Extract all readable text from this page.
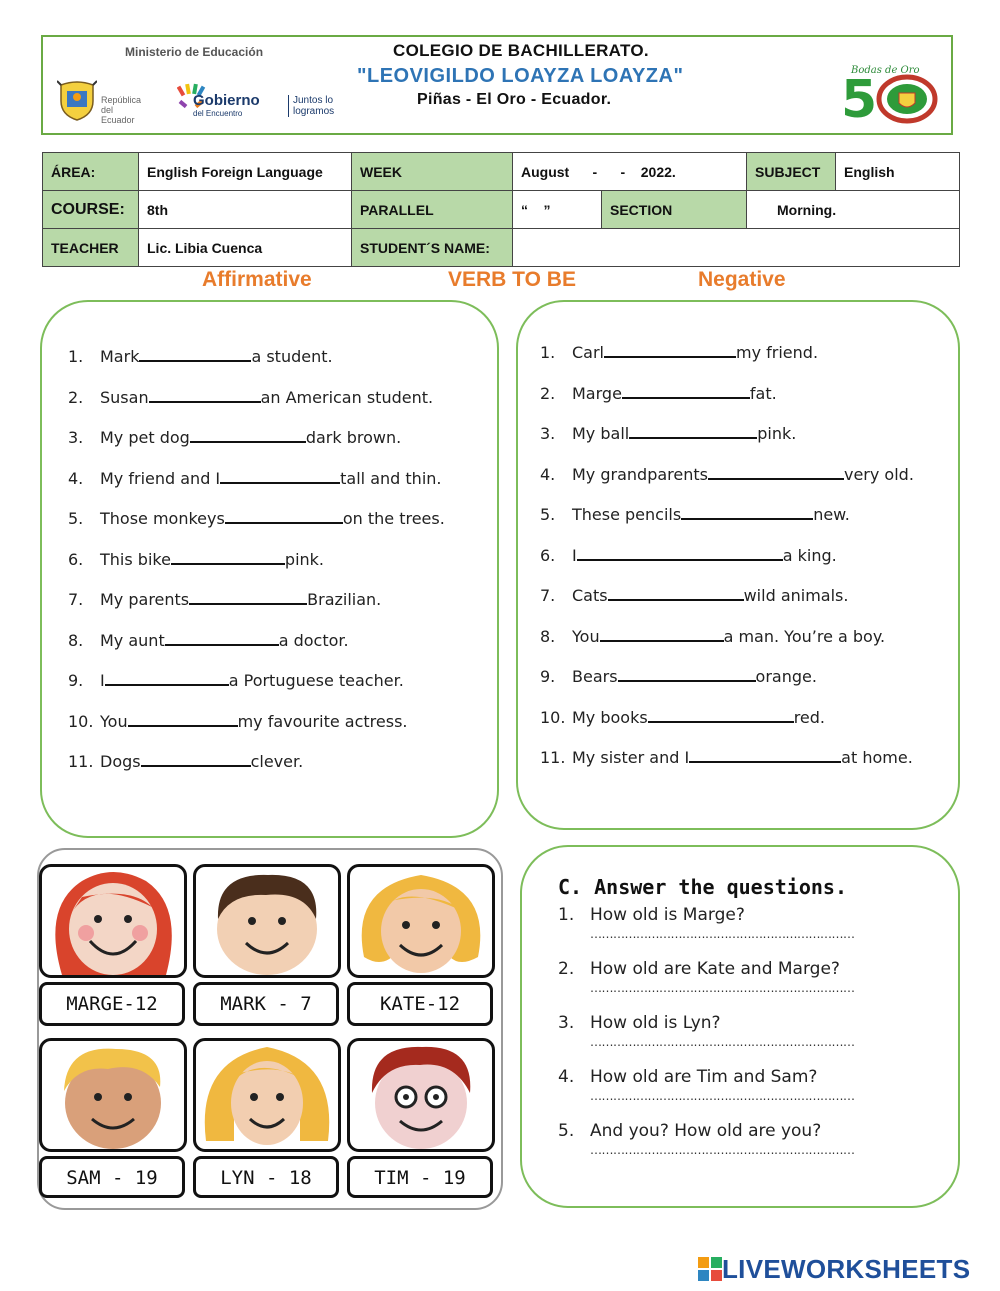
Ministerio de Educación
República del Ecuador
Gobierno
del Encuentro
Juntos lo logramos
COLEGIO DE BACHILLERATO.
"LEOVIGILDO LOAYZA LOAYZA"
Piñas - El Oro - Ecuador.
Bodas de Oro
5
ÁREA:	English Foreign Language	WEEK	August      -      -    2022.		SUBJECT	English
COURSE:	8th	PARALLEL	“    ”	SECTION	Morning.	
TEACHER	Lic. Libia Cuenca	STUDENT´S NAME:				
Affirmative	VERB TO BE	Negative
1. Mark	a student.
2. Susan	an American student.
3. My pet dog	dark brown.
4. My friend and I	tall and thin.
5. Those monkeys	on the trees.
6. This bike	pink.
7. My parents	Brazilian.
8. My aunt	a doctor.
9. I	a Portuguese teacher.
10. You	my favourite actress.
11. Dogs	clever.
1. Carl	my friend.
2. Marge	fat.
3. My ball	pink.
4. My grandparents	very old.
5. These pencils	new.
6. I	a king.
7. Cats	wild animals.
8. You	a man. You’re a boy.
9. Bears	orange.
10. My books	red.
11. My sister and I	at home.
MARGE-12	MARK - 7	KATE-12
SAM - 19	LYN - 18	TIM - 19
C. Answer the questions.
1. How old is Marge?
……………………………………………………………
2. How old are Kate and Marge?
……………………………………………………………
3. How old is Lyn?
……………………………………………………………
4. How old are Tim and Sam?
……………………………………………………………
5. And you? How old are you?
……………………………………………………………
LIVEWORKSHEETS
